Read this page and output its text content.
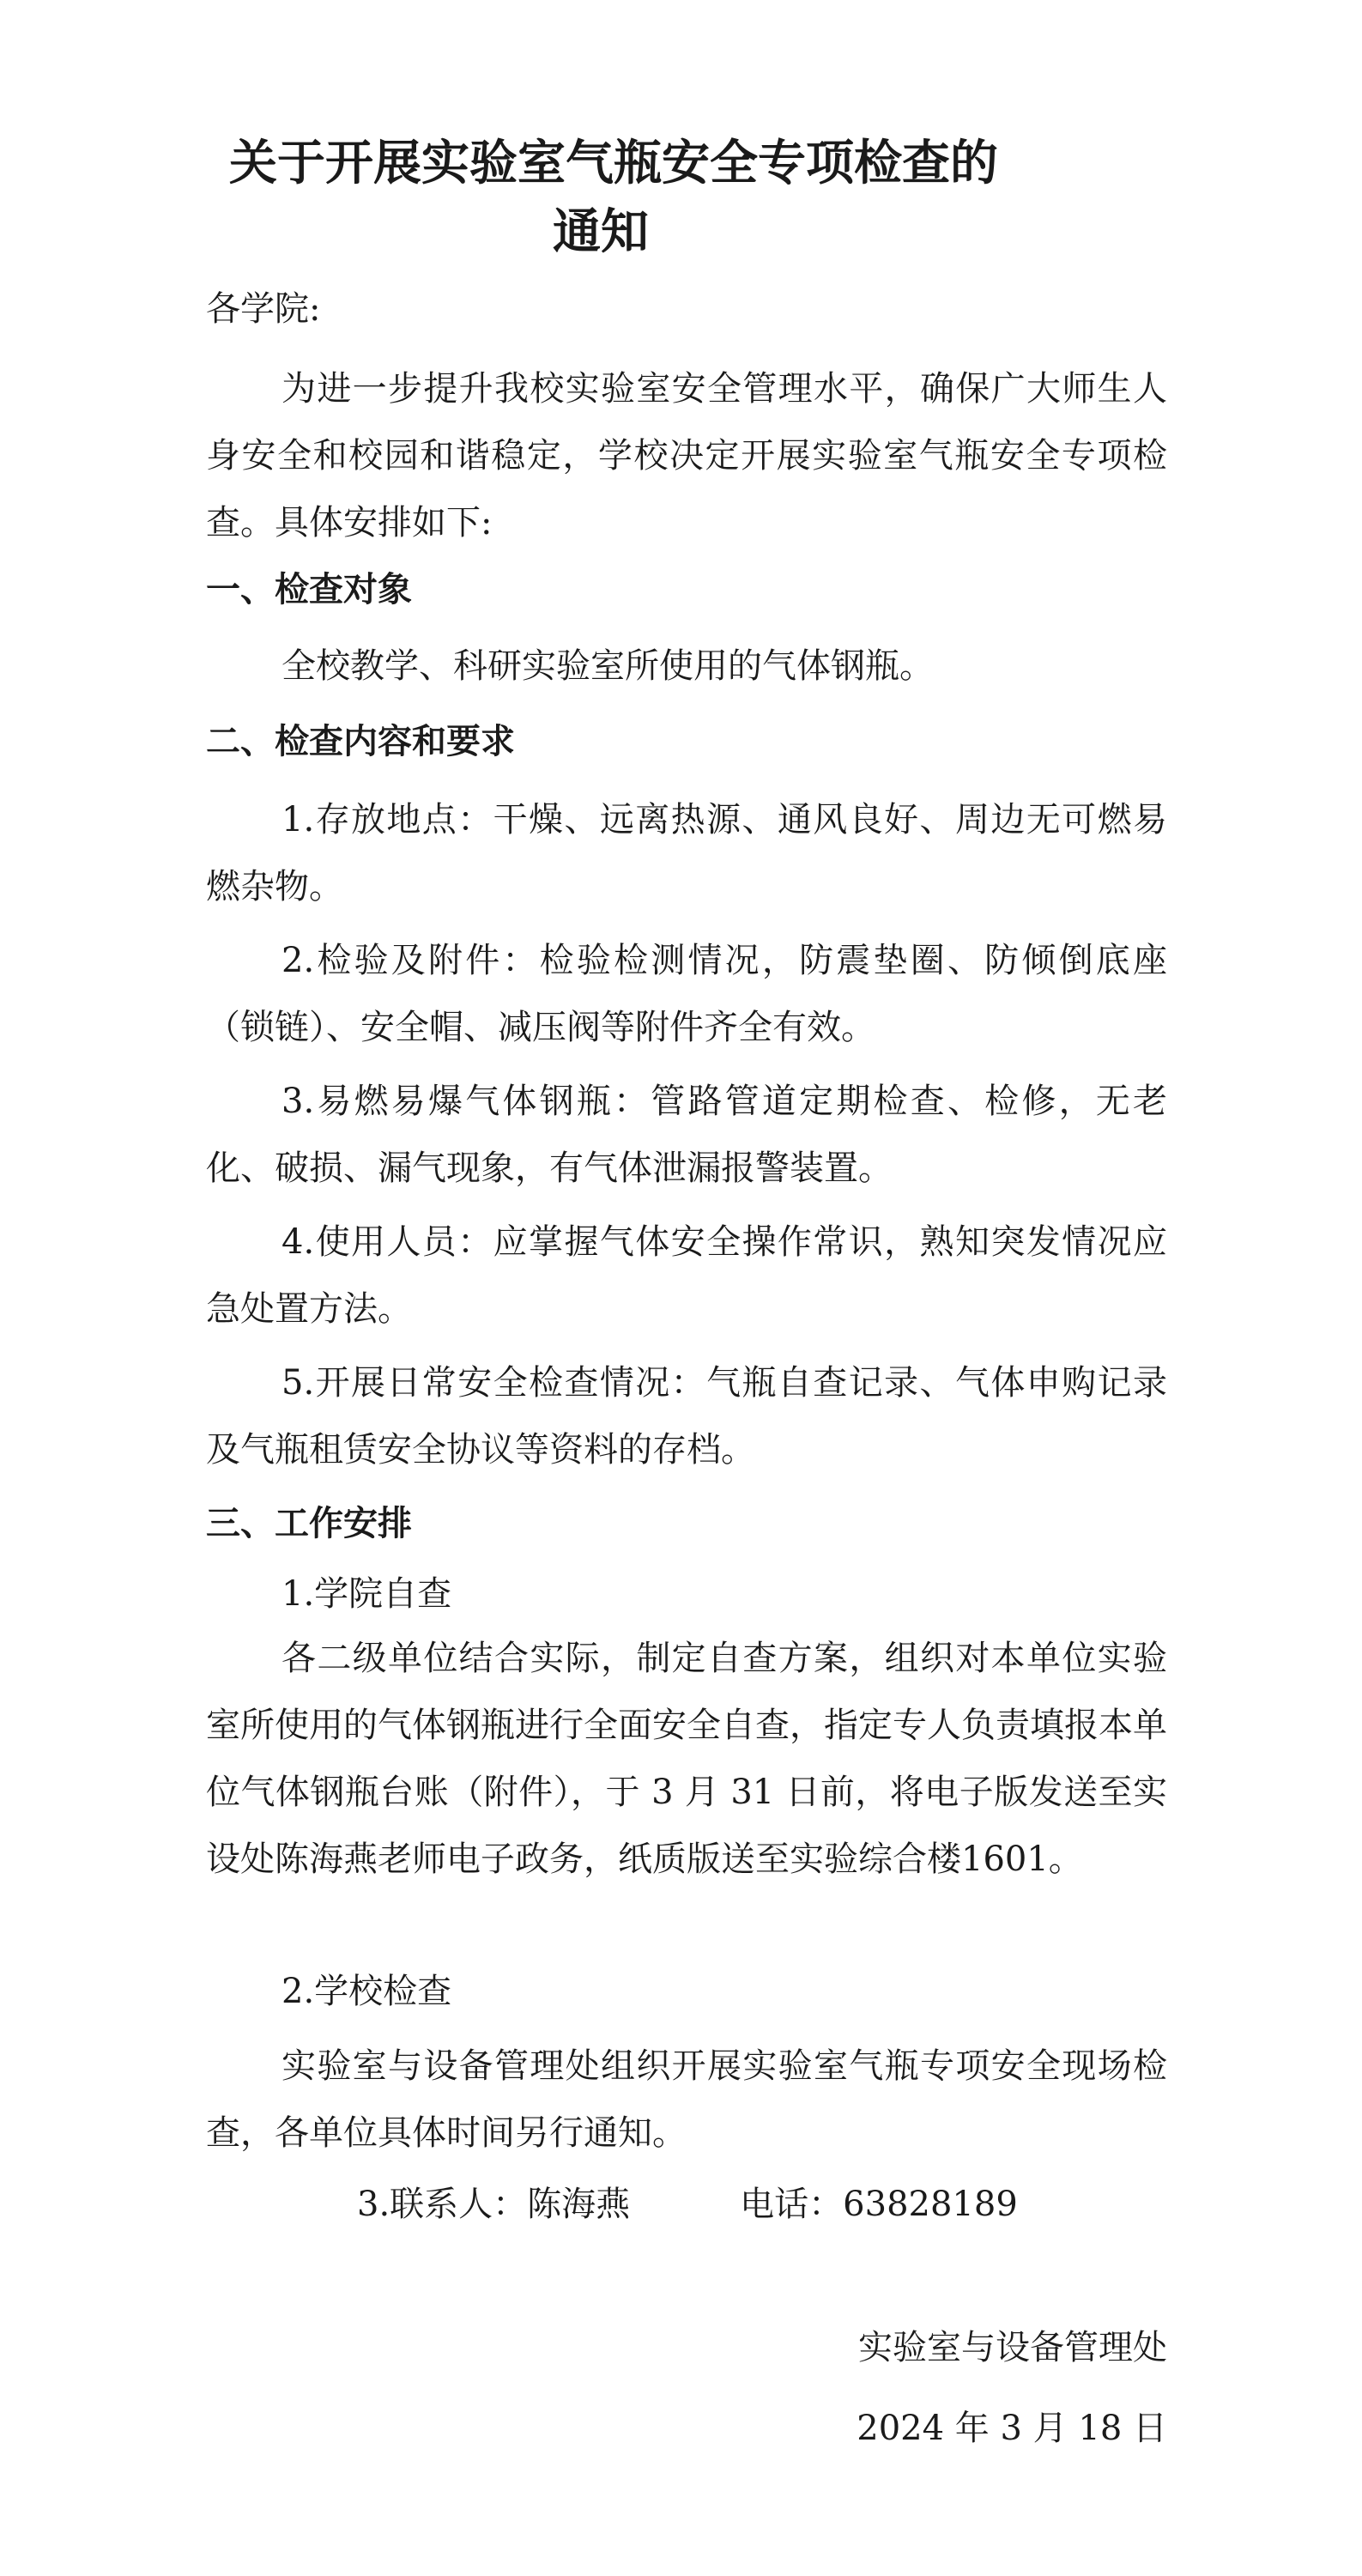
关于开展实验室气瓶安全专项检查的
通知

各学院:

为进一步提升我校实验室安全管理水平，确保广大师生人身安全和校园和谐稳定，学校决定开展实验室气瓶安全专项检查。具体安排如下:

一、检查对象

全校教学、科研实验室所使用的气体钢瓶。

二、检查内容和要求

1.存放地点：干燥、远离热源、通风良好、周边无可燃易燃杂物。

2.检验及附件：检验检测情况，防震垫圈、防倾倒底座（锁链）、安全帽、减压阀等附件齐全有效。

3.易燃易爆气体钢瓶：管路管道定期检查、检修，无老化、破损、漏气现象，有气体泄漏报警装置。

4.使用人员：应掌握气体安全操作常识，熟知突发情况应急处置方法。

5.开展日常安全检查情况：气瓶自查记录、气体申购记录及气瓶租赁安全协议等资料的存档。

三、工作安排

1.学院自查

各二级单位结合实际，制定自查方案，组织对本单位实验室所使用的气体钢瓶进行全面安全自查，指定专人负责填报本单位气体钢瓶台账（附件），于 3 月 31 日前，将电子版发送至实设处陈海燕老师电子政务，纸质版送至实验综合楼1601。

2.学校检查

实验室与设备管理处组织开展实验室气瓶专项安全现场检查，各单位具体时间另行通知。

3.联系人：陈海燕	电话：63828189

实验室与设备管理处

2024 年 3 月 18 日
